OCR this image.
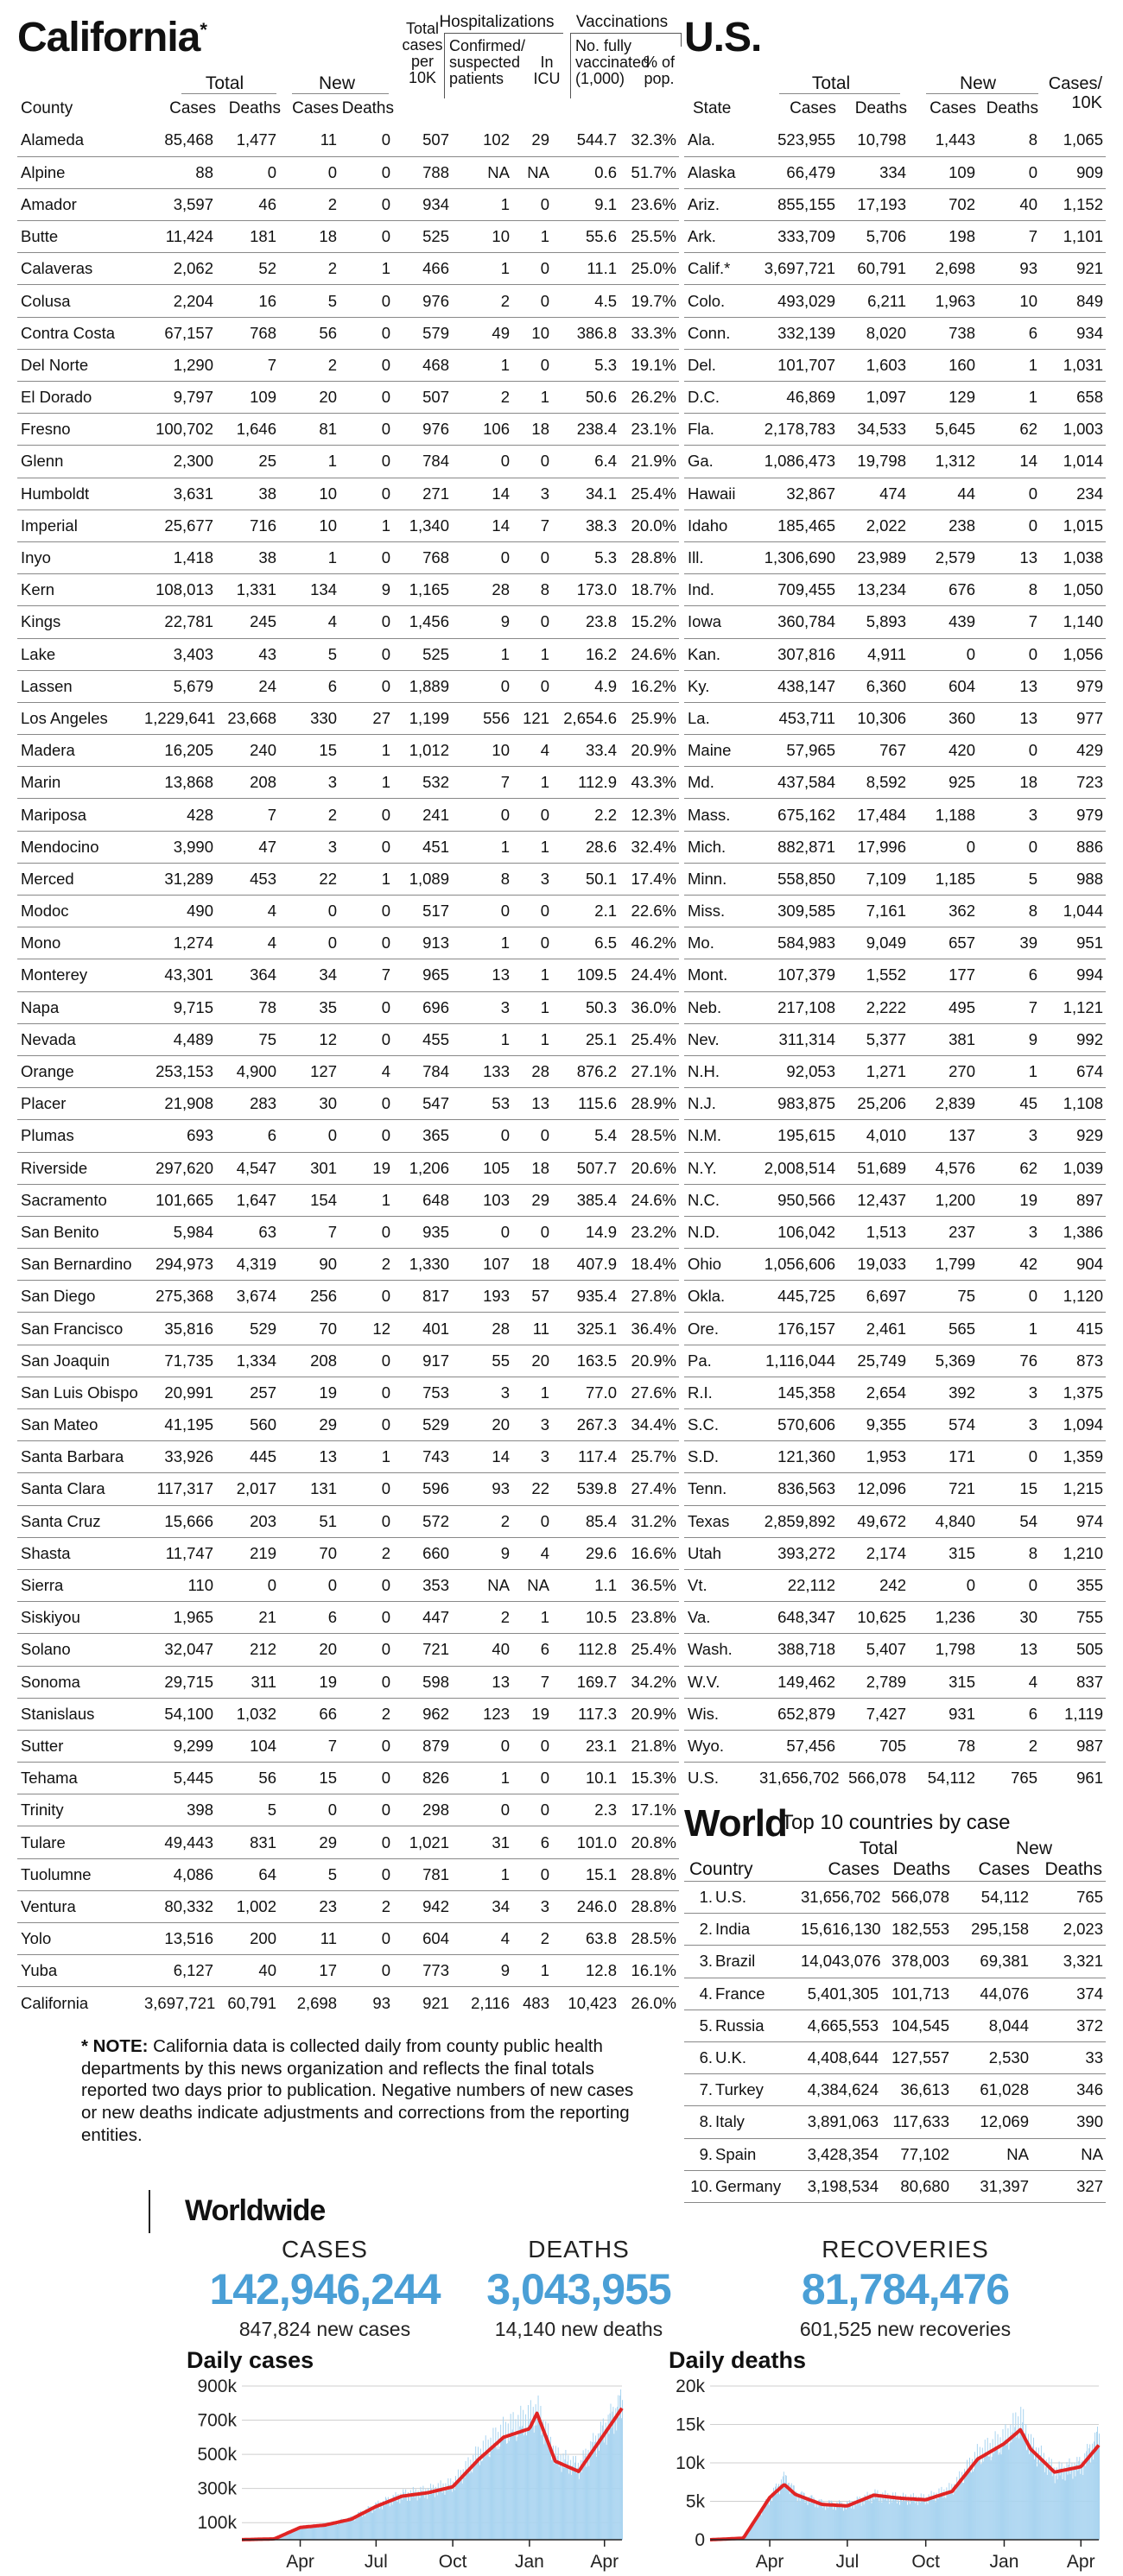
California*
County
Total
Cases Deaths
New
Cases Deaths
Total
cases
per
10K
Hospitalizations
Confirmed/
suspected
patients
In
ICU
Vaccinations
No. fully
vaccinated
(1,000)
% of
pop.
Alameda	85,468	1,477	11	0	507	102	29	544.7	32.3%
Alpine	88	0	0	0	788	NA	NA	0.6	51.7%
Amador	3,597	46	2	0	934	1	0	9.1	23.6%
Butte	11,424	181	18	0	525	10	1	55.6	25.5%
Calaveras	2,062	52	2	1	466	1	0	11.1	25.0%
Colusa	2,204	16	5	0	976	2	0	4.5	19.7%
Contra Costa	67,157	768	56	0	579	49	10	386.8	33.3%
Del Norte	1,290	7	2	0	468	1	0	5.3	19.1%
El Dorado	9,797	109	20	0	507	2	1	50.6	26.2%
Fresno	100,702	1,646	81	0	976	106	18	238.4	23.1%
Glenn	2,300	25	1	0	784	0	0	6.4	21.9%
Humboldt	3,631	38	10	0	271	14	3	34.1	25.4%
Imperial	25,677	716	10	1	1,340	14	7	38.3	20.0%
Inyo	1,418	38	1	0	768	0	0	5.3	28.8%
Kern	108,013	1,331	134	9	1,165	28	8	173.0	18.7%
Kings	22,781	245	4	0	1,456	9	0	23.8	15.2%
Lake	3,403	43	5	0	525	1	1	16.2	24.6%
Lassen	5,679	24	6	0	1,889	0	0	4.9	16.2%
Los Angeles	1,229,641	23,668	330	27	1,199	556	121	2,654.6	25.9%
Madera	16,205	240	15	1	1,012	10	4	33.4	20.9%
Marin	13,868	208	3	1	532	7	1	112.9	43.3%
Mariposa	428	7	2	0	241	0	0	2.2	12.3%
Mendocino	3,990	47	3	0	451	1	1	28.6	32.4%
Merced	31,289	453	22	1	1,089	8	3	50.1	17.4%
Modoc	490	4	0	0	517	0	0	2.1	22.6%
Mono	1,274	4	0	0	913	1	0	6.5	46.2%
Monterey	43,301	364	34	7	965	13	1	109.5	24.4%
Napa	9,715	78	35	0	696	3	1	50.3	36.0%
Nevada	4,489	75	12	0	455	1	1	25.1	25.4%
Orange	253,153	4,900	127	4	784	133	28	876.2	27.1%
Placer	21,908	283	30	0	547	53	13	115.6	28.9%
Plumas	693	6	0	0	365	0	0	5.4	28.5%
Riverside	297,620	4,547	301	19	1,206	105	18	507.7	20.6%
Sacramento	101,665	1,647	154	1	648	103	29	385.4	24.6%
San Benito	5,984	63	7	0	935	0	0	14.9	23.2%
San Bernardino	294,973	4,319	90	2	1,330	107	18	407.9	18.4%
San Diego	275,368	3,674	256	0	817	193	57	935.4	27.8%
San Francisco	35,816	529	70	12	401	28	11	325.1	36.4%
San Joaquin	71,735	1,334	208	0	917	55	20	163.5	20.9%
San Luis Obispo	20,991	257	19	0	753	3	1	77.0	27.6%
San Mateo	41,195	560	29	0	529	20	3	267.3	34.4%
Santa Barbara	33,926	445	13	1	743	14	3	117.4	25.7%
Santa Clara	117,317	2,017	131	0	596	93	22	539.8	27.4%
Santa Cruz	15,666	203	51	0	572	2	0	85.4	31.2%
Shasta	11,747	219	70	2	660	9	4	29.6	16.6%
Sierra	110	0	0	0	353	NA	NA	1.1	36.5%
Siskiyou	1,965	21	6	0	447	2	1	10.5	23.8%
Solano	32,047	212	20	0	721	40	6	112.8	25.4%
Sonoma	29,715	311	19	0	598	13	7	169.7	34.2%
Stanislaus	54,100	1,032	66	2	962	123	19	117.3	20.9%
Sutter	9,299	104	7	0	879	0	0	23.1	21.8%
Tehama	5,445	56	15	0	826	1	0	10.1	15.3%
Trinity	398	5	0	0	298	0	0	2.3	17.1%
Tulare	49,443	831	29	0	1,021	31	6	101.0	20.8%
Tuolumne	4,086	64	5	0	781	1	0	15.1	28.8%
Ventura	80,332	1,002	23	2	942	34	3	246.0	28.8%
Yolo	13,516	200	11	0	604	4	2	63.8	28.5%
Yuba	6,127	40	17	0	773	9	1	12.8	16.1%
California	3,697,721	60,791	2,698	93	921	2,116	483	10,423	26.0%
* NOTE: California data is collected daily from county public health departments by this news organization and reflects the final totals reported two days prior to publication. Negative numbers of new cases or new deaths indicate adjustments and corrections from the reporting entities.
U.S.
State
Total
Cases	Deaths
New
Cases Deaths
Cases/
10K
Ala.	523,955	10,798	1,443	8	1,065
Alaska	66,479	334	109	0	909
Ariz.	855,155	17,193	702	40	1,152
Ark.	333,709	5,706	198	7	1,101
Calif.*	3,697,721	60,791	2,698	93	921
Colo.	493,029	6,211	1,963	10	849
Conn.	332,139	8,020	738	6	934
Del.	101,707	1,603	160	1	1,031
D.C.	46,869	1,097	129	1	658
Fla.	2,178,783	34,533	5,645	62	1,003
Ga.	1,086,473	19,798	1,312	14	1,014
Hawaii	32,867	474	44	0	234
Idaho	185,465	2,022	238	0	1,015
Ill.	1,306,690	23,989	2,579	13	1,038
Ind.	709,455	13,234	676	8	1,050
Iowa	360,784	5,893	439	7	1,140
Kan.	307,816	4,911	0	0	1,056
Ky.	438,147	6,360	604	13	979
La.	453,711	10,306	360	13	977
Maine	57,965	767	420	0	429
Md.	437,584	8,592	925	18	723
Mass.	675,162	17,484	1,188	3	979
Mich.	882,871	17,996	0	0	886
Minn.	558,850	7,109	1,185	5	988
Miss.	309,585	7,161	362	8	1,044
Mo.	584,983	9,049	657	39	951
Mont.	107,379	1,552	177	6	994
Neb.	217,108	2,222	495	7	1,121
Nev.	311,314	5,377	381	9	992
N.H.	92,053	1,271	270	1	674
N.J.	983,875	25,206	2,839	45	1,108
N.M.	195,615	4,010	137	3	929
N.Y.	2,008,514	51,689	4,576	62	1,039
N.C.	950,566	12,437	1,200	19	897
N.D.	106,042	1,513	237	3	1,386
Ohio	1,056,606	19,033	1,799	42	904
Okla.	445,725	6,697	75	0	1,120
Ore.	176,157	2,461	565	1	415
Pa.	1,116,044	25,749	5,369	76	873
R.I.	145,358	2,654	392	3	1,375
S.C.	570,606	9,355	574	3	1,094
S.D.	121,360	1,953	171	0	1,359
Tenn.	836,563	12,096	721	15	1,215
Texas	2,859,892	49,672	4,840	54	974
Utah	393,272	2,174	315	8	1,210
Vt.	22,112	242	0	0	355
Va.	648,347	10,625	1,236	30	755
Wash.	388,718	5,407	1,798	13	505
W.V.	149,462	2,789	315	4	837
Wis.	652,879	7,427	931	6	1,119
Wyo.	57,456	705	78	2	987
U.S.	31,656,702	566,078	54,112	765	961
World
Top 10 countries by case
Country
Total
Cases Deaths
New
Cases Deaths
1.	U.S.	31,656,702	566,078	54,112	765
2.	India	15,616,130	182,553	295,158	2,023
3.	Brazil	14,043,076	378,003	69,381	3,321
4.	France	5,401,305	101,713	44,076	374
5.	Russia	4,665,553	104,545	8,044	372
6.	U.K.	4,408,644	127,557	2,530	33
7.	Turkey	4,384,624	36,613	61,028	346
8.	Italy	3,891,063	117,633	12,069	390
9.	Spain	3,428,354	77,102	NA	NA
10.	Germany	3,198,534	80,680	31,397	327
Worldwide
CASES
142,946,244
847,824 new cases
DEATHS
3,043,955
14,140 new deaths
RECOVERIES
81,784,476
601,525 new recoveries
Daily cases	Daily deaths
100k
300k
500k
700k
900k
Apr	Jul	Oct	Jan	Apr
0
5k
10k
15k
20k
Apr	Jul	Oct	Jan	Apr
